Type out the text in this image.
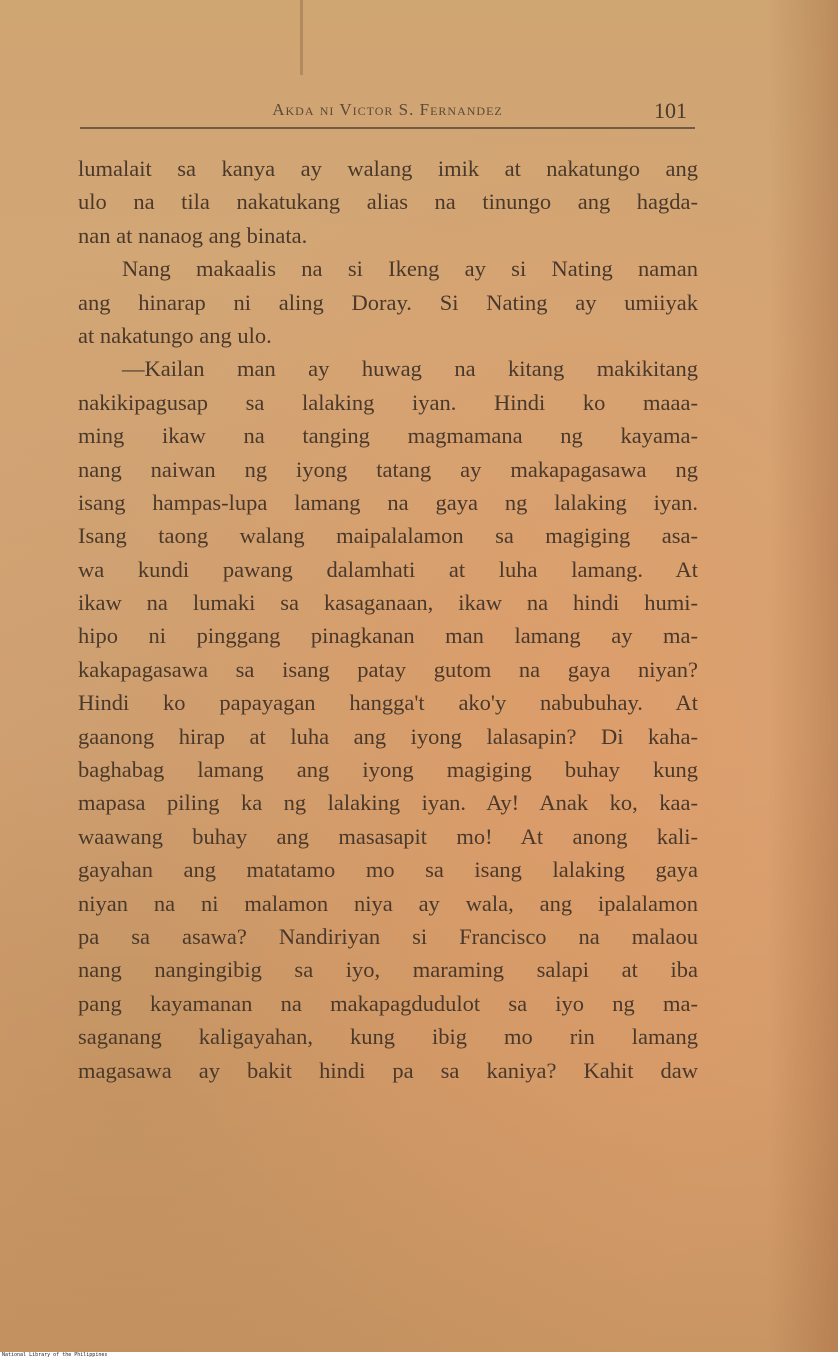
Akda ni Victor S. Fernandez	101
lumalait sa kanya ay walang imik at nakatungo ang
ulo na tila nakatukang alias na tinungo ang hagda-
nan at nanaog ang binata.
Nang makaalis na si Ikeng ay si Nating naman
ang hinarap ni aling Doray. Si Nating ay umiiyak
at nakatungo ang ulo.
—Kailan man ay huwag na kitang makikitang
nakikipagusap sa lalaking iyan. Hindi ko maaa-
ming ikaw na tanging magmamana ng kayama-
nang naiwan ng iyong tatang ay makapagasawa ng
isang hampas-lupa lamang na gaya ng lalaking iyan.
Isang taong walang maipalalamon sa magiging asa-
wa kundi pawang dalamhati at luha lamang. At
ikaw na lumaki sa kasaganaan, ikaw na hindi humi-
hipo ni pinggang pinagkanan man lamang ay ma-
kakapagasawa sa isang patay gutom na gaya niyan?
Hindi ko papayagan hangga't ako'y nabubuhay. At
gaanong hirap at luha ang iyong lalasapin? Di kaha-
baghabag lamang ang iyong magiging buhay kung
mapasa piling ka ng lalaking iyan. Ay! Anak ko, kaa-
waawang buhay ang masasapit mo! At anong kali-
gayahan ang matatamo mo sa isang lalaking gaya
niyan na ni malamon niya ay wala, ang ipalalamon
pa sa asawa? Nandiriyan si Francisco na malaou
nang nangingibig sa iyo, maraming salapi at iba
pang kayamanan na makapagdudulot sa iyo ng ma-
saganang kaligayahan, kung ibig mo rin lamang
magasawa ay bakit hindi pa sa kaniya? Kahit daw
National Library of the Philippines
